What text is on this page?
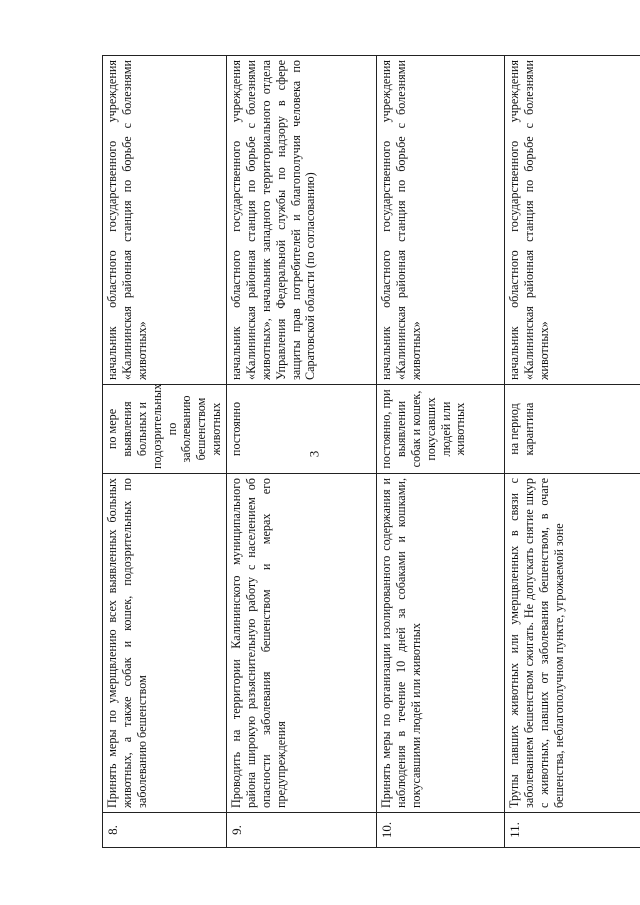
3
8.	Принять меры по умерщвлению всех выявленных больных животных, а также собак и кошек, подозрительных по заболеванию бешенством	по мере выявления больных и подозрительных по заболеванию бешенством животных	начальник областного государственного учреждения «Калининская районная станция по борьбе с болезнями животных»
9.	Проводить на территории Калининского муниципального района широкую разъяснительную работу с населением об опасности заболевания бешенством и мерах его предупреждения	постоянно	начальник областного государственного учреждения «Калининская районная станция по борьбе с болезнями животных», начальник западного территориального отдела Управления Федеральной службы по надзору в сфере защиты прав потребителей и благополучия человека по Саратовской области (по согласованию)
10.	Принять меры по организации изолированного содержания и наблюдения в течение 10 дней за собаками и кошками, покусавшими людей или животных	постоянно, при выявлении собак и кошек, покусавших людей или животных	начальник областного государственного учреждения «Калининская районная станция по борьбе с болезнями животных»
11.	Трупы павших животных или умерщвленных в связи с заболеванием бешенством сжигать. Не допускать снятие шкур с животных, павших от заболевания бешенством, в очаге бешенства, неблагополучном пункте, угрожаемой зоне	на период карантина	начальник областного государственного учреждения «Калининская районная станция по борьбе с болезнями животных»
